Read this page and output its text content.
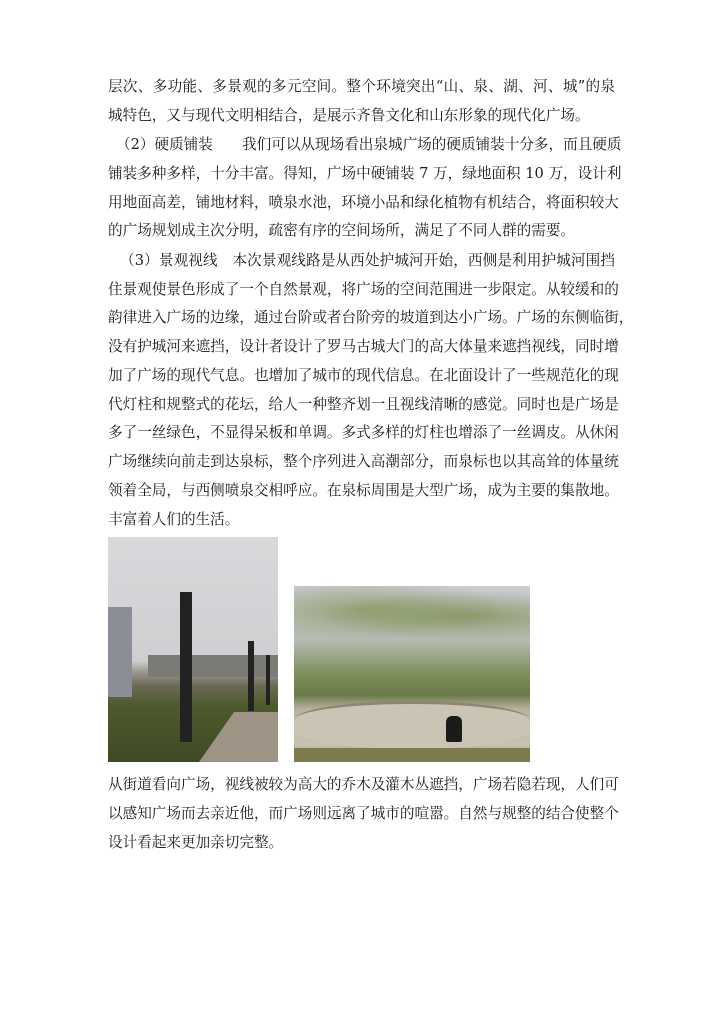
层次、多功能、多景观的多元空间。整个环境突出“山、泉、湖、河、城”的泉
城特色，又与现代文明相结合，是展示齐鲁文化和山东形象的现代化广场。
（2）硬质铺装　　我们可以从现场看出泉城广场的硬质铺装十分多，而且硬质
铺装多种多样，十分丰富。得知，广场中硬铺装 7 万，绿地面积 10 万，设计利
用地面高差，铺地材料，喷泉水池，环境小品和绿化植物有机结合，将面积较大
的广场规划成主次分明，疏密有序的空间场所，满足了不同人群的需要。
（3）景观视线　本次景观线路是从西处护城河开始，西侧是利用护城河围挡
住景观使景色形成了一个自然景观，将广场的空间范围进一步限定。从较缓和的
韵律进入广场的边缘，通过台阶或者台阶旁的坡道到达小广场。广场的东侧临街，
没有护城河来遮挡，设计者设计了罗马古城大门的高大体量来遮挡视线，同时增
加了广场的现代气息。也增加了城市的现代信息。在北面设计了一些规范化的现
代灯柱和规整式的花坛，给人一种整齐划一且视线清晰的感觉。同时也是广场是
多了一丝绿色，不显得呆板和单调。多式多样的灯柱也增添了一丝调皮。从休闲
广场继续向前走到达泉标，整个序列进入高潮部分，而泉标也以其高耸的体量统
领着全局，与西侧喷泉交相呼应。在泉标周围是大型广场，成为主要的集散地。
丰富着人们的生活。
从街道看向广场，视线被较为高大的乔木及灌木丛遮挡，广场若隐若现，人们可
以感知广场而去亲近他，而广场则远离了城市的喧嚣。自然与规整的结合使整个
设计看起来更加亲切完整。
